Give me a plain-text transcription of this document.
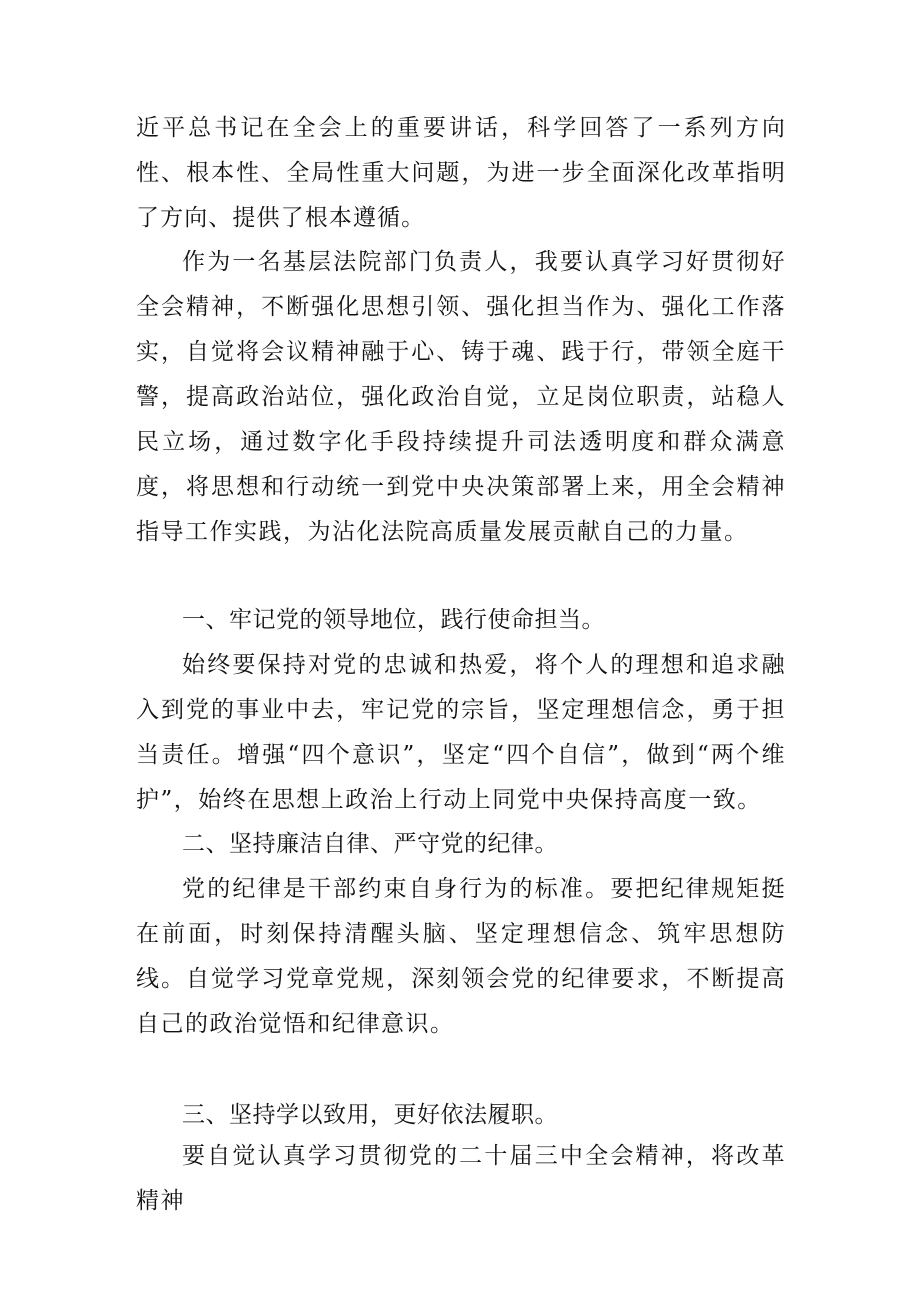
近平总书记在全会上的重要讲话，科学回答了一系列方向性、根本性、全局性重大问题，为进一步全面深化改革指明了方向、提供了根本遵循。

作为一名基层法院部门负责人，我要认真学习好贯彻好全会精神，不断强化思想引领、强化担当作为、强化工作落实，自觉将会议精神融于心、铸于魂、践于行，带领全庭干警，提高政治站位，强化政治自觉，立足岗位职责，站稳人民立场，通过数字化手段持续提升司法透明度和群众满意度，将思想和行动统一到党中央决策部署上来，用全会精神指导工作实践，为沾化法院高质量发展贡献自己的力量。

一、牢记党的领导地位，践行使命担当。

始终要保持对党的忠诚和热爱，将个人的理想和追求融入到党的事业中去，牢记党的宗旨，坚定理想信念，勇于担当责任。增强“四个意识”，坚定“四个自信”，做到“两个维护”，始终在思想上政治上行动上同党中央保持高度一致。

二、坚持廉洁自律、严守党的纪律。

党的纪律是干部约束自身行为的标准。要把纪律规矩挺在前面，时刻保持清醒头脑、坚定理想信念、筑牢思想防线。自觉学习党章党规，深刻领会党的纪律要求，不断提高自己的政治觉悟和纪律意识。

三、坚持学以致用，更好依法履职。

要自觉认真学习贯彻党的二十届三中全会精神，将改革精神
